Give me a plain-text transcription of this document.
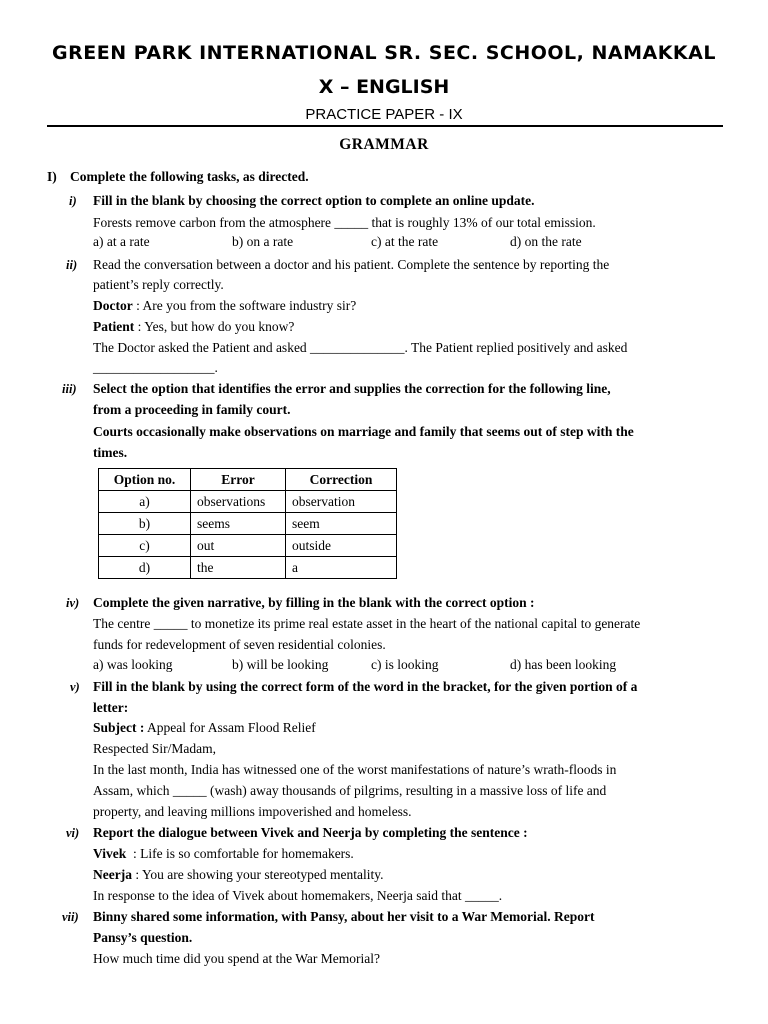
GREEN PARK INTERNATIONAL SR. SEC. SCHOOL, NAMAKKAL
X – ENGLISH
PRACTICE PAPER - IX
GRAMMAR
I) Complete the following tasks, as directed.
i) Fill in the blank by choosing the correct option to complete an online update.
Forests remove carbon from the atmosphere _____ that is roughly 13% of our total emission.
a) at a rate	b) on a rate	c) at the rate	d) on the rate
ii) Read the conversation between a doctor and his patient. Complete the sentence by reporting the
patient’s reply correctly.
Doctor : Are you from the software industry sir?
Patient : Yes, but how do you know?
The Doctor asked the Patient and asked ______________. The Patient replied positively and asked
__________________.
iii) Select the option that identifies the error and supplies the correction for the following line,
from a proceeding in family court.
Courts occasionally make observations on marriage and family that seems out of step with the
times.
Option no.	Error	Correction
a)	observations	observation
b)	seems	seem
c)	out	outside
d)	the	a
iv) Complete the given narrative, by filling in the blank with the correct option :
The centre _____ to monetize its prime real estate asset in the heart of the national capital to generate
funds for redevelopment of seven residential colonies.
a) was looking	b) will be looking	c) is looking	d) has been looking
v) Fill in the blank by using the correct form of the word in the bracket, for the given portion of a
letter:
Subject : Appeal for Assam Flood Relief
Respected Sir/Madam,
In the last month, India has witnessed one of the worst manifestations of nature’s wrath-floods in
Assam, which _____ (wash) away thousands of pilgrims, resulting in a massive loss of life and
property, and leaving millions impoverished and homeless.
vi) Report the dialogue between Vivek and Neerja by completing the sentence :
Vivek  : Life is so comfortable for homemakers.
Neerja : You are showing your stereotyped mentality.
In response to the idea of Vivek about homemakers, Neerja said that _____.
vii) Binny shared some information, with Pansy, about her visit to a War Memorial. Report
Pansy’s question.
How much time did you spend at the War Memorial?
